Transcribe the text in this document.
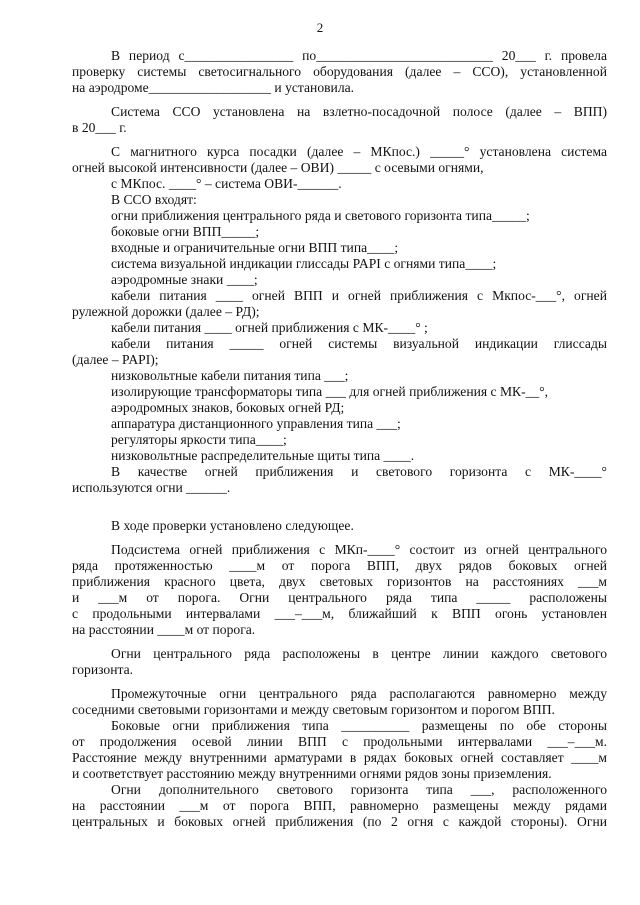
2
В период с________________ по__________________________ 20___ г. провела
проверку системы светосигнального оборудования (далее – ССО), установленной
на аэродроме__________________ и установила.
Система ССО установлена на взлетно-посадочной полосе (далее – ВПП)
в 20___ г.
С магнитного курса посадки (далее – МКпос.) _____° установлена система
огней высокой интенсивности (далее – ОВИ) _____ с осевыми огнями,
с МКпос. ____° – система ОВИ-______.
В ССО входят:
огни приближения центрального ряда и светового горизонта типа_____;
боковые огни ВПП_____;
входные и ограничительные огни ВПП типа____;
система визуальной индикации глиссады PAPI с огнями типа____;
аэродромные знаки ____;
кабели питания ____ огней ВПП и огней приближения с Мкпос-___°, огней
рулежной дорожки (далее – РД);
кабели питания ____ огней приближения с МК-____° ;
кабели питания _____ огней системы визуальной индикации глиссады
(далее – PAPI);
низковольтные кабели питания типа ___;
изолирующие трансформаторы типа ___ для огней приближения с МК-__°,
аэродромных знаков, боковых огней РД;
аппаратура дистанционного управления типа ___;
регуляторы яркости типа____;
низковольтные распределительные щиты типа ____.
В качестве огней приближения и светового горизонта с МК-____°
используются огни ______.
В ходе проверки установлено следующее.
Подсистема огней приближения с МКп-____° состоит из огней центрального
ряда протяженностью ____м от порога ВПП, двух рядов боковых огней
приближения красного цвета, двух световых горизонтов на расстояниях ___м
и ___м от порога. Огни центрального ряда типа _____ расположены
с продольными интервалами ___–___м, ближайший к ВПП огонь установлен
на расстоянии ____м от порога.
Огни центрального ряда расположены в центре линии каждого светового
горизонта.
Промежуточные огни центрального ряда располагаются равномерно между
соседними световыми горизонтами и между световым горизонтом и порогом ВПП.
Боковые огни приближения типа __________ размещены по обе стороны
от продолжения осевой линии ВПП с продольными интервалами ___–___м.
Расстояние между внутренними арматурами в рядах боковых огней составляет ____м
и соответствует расстоянию между внутренними огнями рядов зоны приземления.
Огни дополнительного светового горизонта типа ___, расположенного
на расстоянии ___м от порога ВПП, равномерно размещены между рядами
центральных и боковых огней приближения (по 2 огня с каждой стороны). Огни
